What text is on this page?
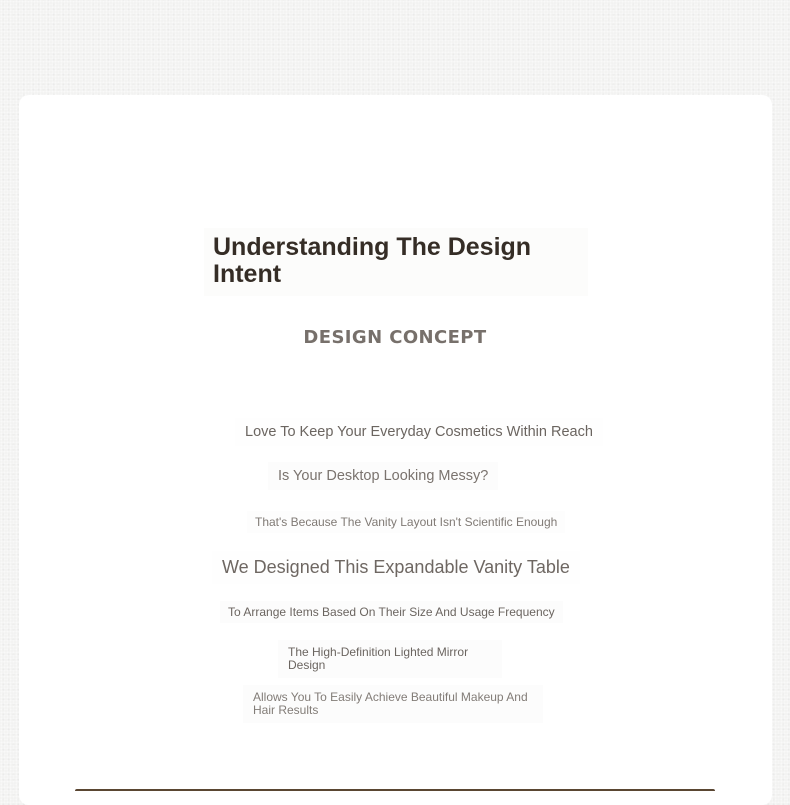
Understanding The Design Intent
DESIGN CONCEPT
Love To Keep Your Everyday Cosmetics Within Reach
Is Your Desktop Looking Messy?
That's Because The Vanity Layout Isn't Scientific Enough
We Designed This Expandable Vanity Table
To Arrange Items Based On Their Size And Usage Frequency
The High-Definition Lighted Mirror Design
Allows You To Easily Achieve Beautiful Makeup And Hair Results
